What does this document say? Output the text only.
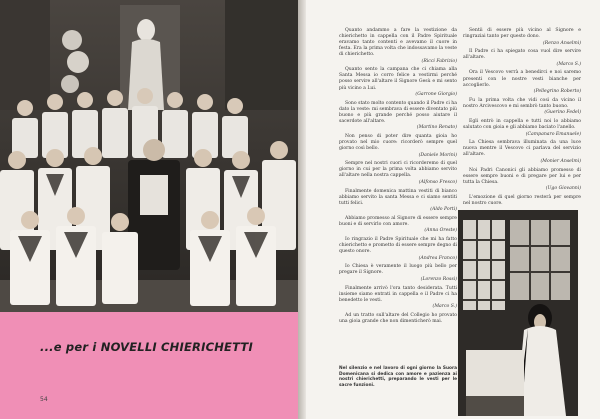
...e per i NOVELLI CHIERICHETTI
54

Quanto andammo a fare la vestizione da chierichetto in cappella con il Padre Spirituale eravamo tanto contenti e avevamo il cuore in festa. Era la prima volta che indossavamo la veste di chierichetto.
(Ricci Fabrizio)

Quanto sento la campana che ci chiama alla Santa Messa io corro felice a vestirmi perché posso servire all'altare il Signore Gesù e mi sento più vicino a Lui.
(Garrone Giorgio)

Sono stato molto contento quando il Padre ci ha dato la veste: mi sembrava di essere diventato più buono e più grande perché posso aiutare il sacerdote all'altare.
(Martino Renato)

Non penso di poter dire quanta gioia ho provato nel mio cuore: ricorderò sempre quel giorno così bello.
(Daniele Morini)

Sempre nel nostri cuori ci ricorderemo di quel giorno in cui per la prima volta abbiamo servito all'altare nella nostra cappella.
(Alfonso Fresco)

Finalmente domenica mattina vestiti di bianco abbiamo servito la santa Messa e ci siamo sentiti tutti felici.
(Aldo Porti)

Abbiamo promesso al Signore di essere sempre buoni e di servirlo con amore.
(Anna Oreste)

Io ringrazio il Padre Spirituale che mi ha fatto chierichetto e prometto di essere sempre degno di questo onore.
(Andrea Franco)

Io Chiesa è veramente il luogo più bello per pregare il Signore.
(Lorenzo Rossi)

Finalmente arrivò l'ora tanto desiderata. Tutti insieme siamo entrati in cappella e il Padre ci ha benedetto le vesti.
(Marco S.)

Ad un tratto sull'altare del Collegio ho provato una gioia grande che non dimenticherò mai.

Sentii di essere più vicino al Signore e ringraziai tanto per questo dono.
(Renzo Anselmi)

Il Padre ci ha spiegato cosa vuol dire servire all'altare.
(Marco S.)

Ora il Vescovo verrà a benedirci e noi saremo presenti con le nostre vesti bianche per accoglierlo.
(Pellegrino Roberto)

Fu la prima volta che vidi così da vicino il nostro Arcivescovo e mi sembrò tanto buono.
(Guerino Fedel)

Egli entrò in cappella e tutti noi lo abbiamo salutato con gioia e gli abbiamo baciato l'anello.
(Campanaro Emanuele)

La Chiesa sembrava illuminata da una luce nuova mentre il Vescovo ci parlava del servizio all'altare.
(Monier Anselmi)

Noi Padri Canonici gli abbiamo promesso di essere sempre buoni e di pregare per lui e per tutta la Chiesa.
(Ugo Giovanni)

L'emozione di quel giorno resterà per sempre nel nostro cuore.

Nel silenzio e nel lavoro di ogni giorno la Suora Domenicana si dedica con amore e pazienza ai nostri chierichetti, preparando le vesti per le sacre funzioni.
